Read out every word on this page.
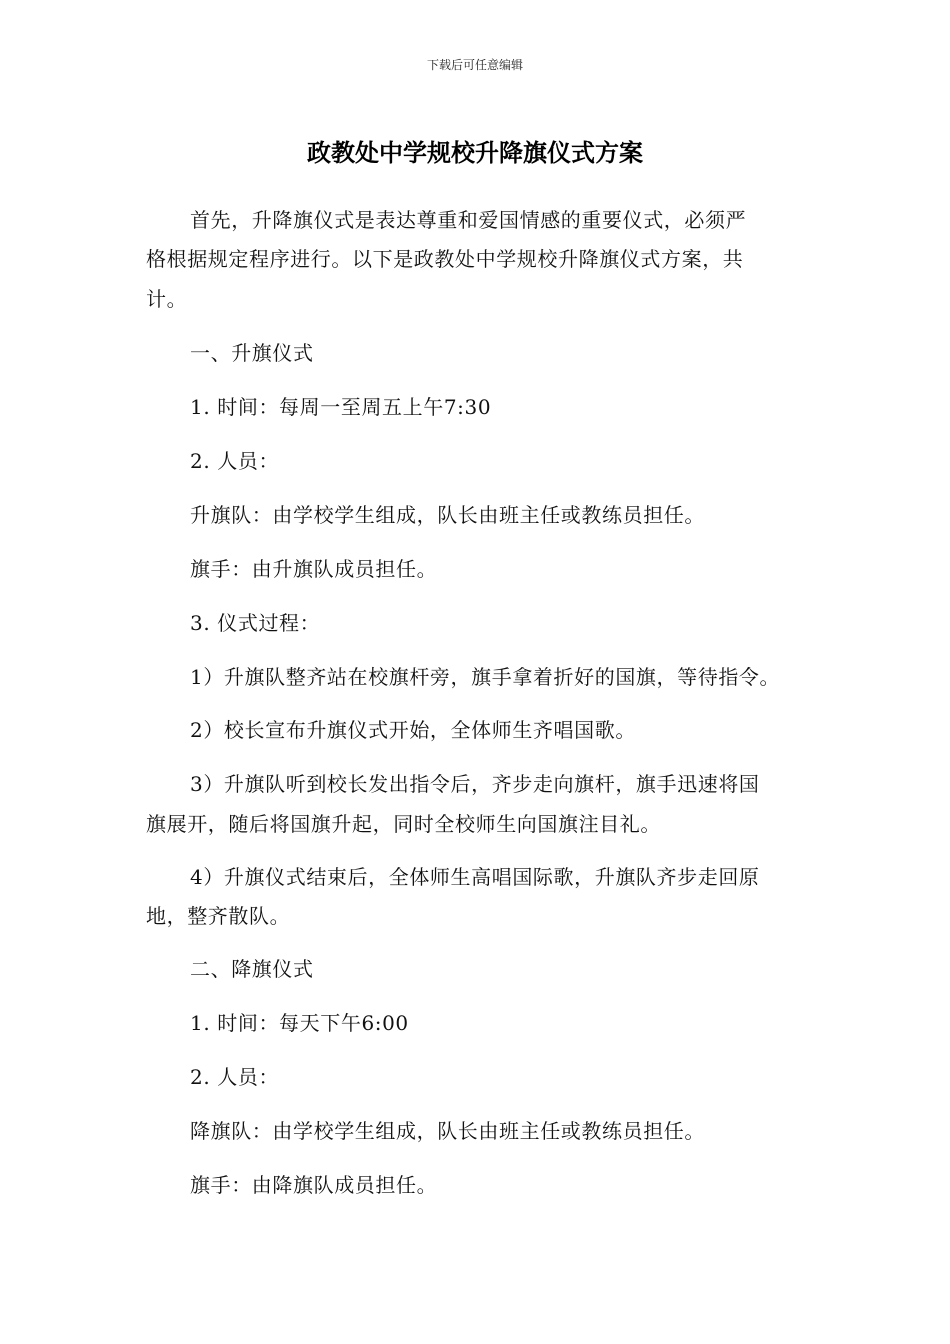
下载后可任意编辑
政教处中学规校升降旗仪式方案
首先，升降旗仪式是表达尊重和爱国情感的重要仪式，必须严
格根据规定程序进行。以下是政教处中学规校升降旗仪式方案，共
计。
一、升旗仪式
1. 时间：每周一至周五上午7:30
2. 人员：
升旗队：由学校学生组成，队长由班主任或教练员担任。
旗手：由升旗队成员担任。
3. 仪式过程：
1）升旗队整齐站在校旗杆旁，旗手拿着折好的国旗，等待指令。
2）校长宣布升旗仪式开始，全体师生齐唱国歌。
3）升旗队听到校长发出指令后，齐步走向旗杆，旗手迅速将国
旗展开，随后将国旗升起，同时全校师生向国旗注目礼。
4）升旗仪式结束后，全体师生高唱国际歌，升旗队齐步走回原
地，整齐散队。
二、降旗仪式
1. 时间：每天下午6:00
2. 人员：
降旗队：由学校学生组成，队长由班主任或教练员担任。
旗手：由降旗队成员担任。
